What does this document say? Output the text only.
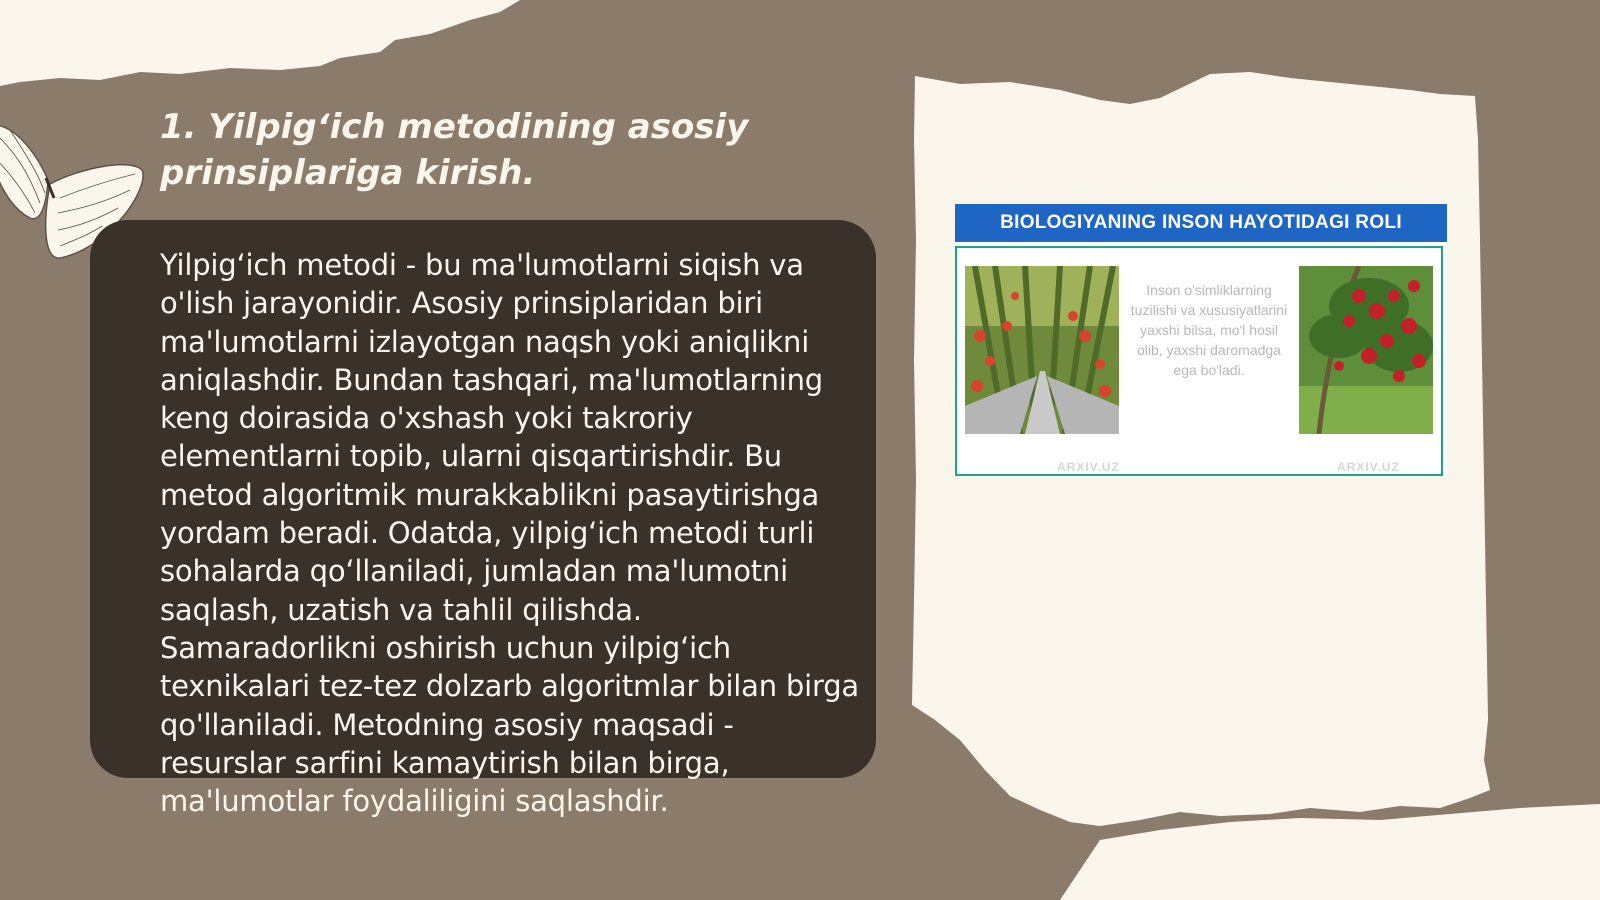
1. Yilpig‘ich metodining asosiy prinsiplariga kirish.

Yilpig‘ich metodi - bu ma'lumotlarni siqish va o'lish jarayonidir. Asosiy prinsiplaridan biri ma'lumotlarni izlayotgan naqsh yoki aniqlikni aniqlashdir. Bundan tashqari, ma'lumotlarning keng doirasida o'xshash yoki takroriy elementlarni topib, ularni qisqartirishdir. Bu metod algoritmik murakkablikni pasaytirishga yordam beradi. Odatda, yilpig‘ich metodi turli sohalarda qo‘llaniladi, jumladan ma'lumotni saqlash, uzatish va tahlil qilishda. Samaradorlikni oshirish uchun yilpig‘ich texnikalari tez-tez dolzarb algoritmlar bilan birga qo'llaniladi. Metodning asosiy maqsadi - resurslar sarfini kamaytirish bilan birga, ma'lumotlar foydaliligini saqlashdir.

BIOLOGIYANING INSON HAYOTIDAGI ROLI
Inson o'simliklarning tuzilishi va xususiyatlarini yaxshi bilsa, mo'l hosil olib, yaxshi daromadga ega bo'ladi.
ARXIV.UZ	ARXIV.UZ
